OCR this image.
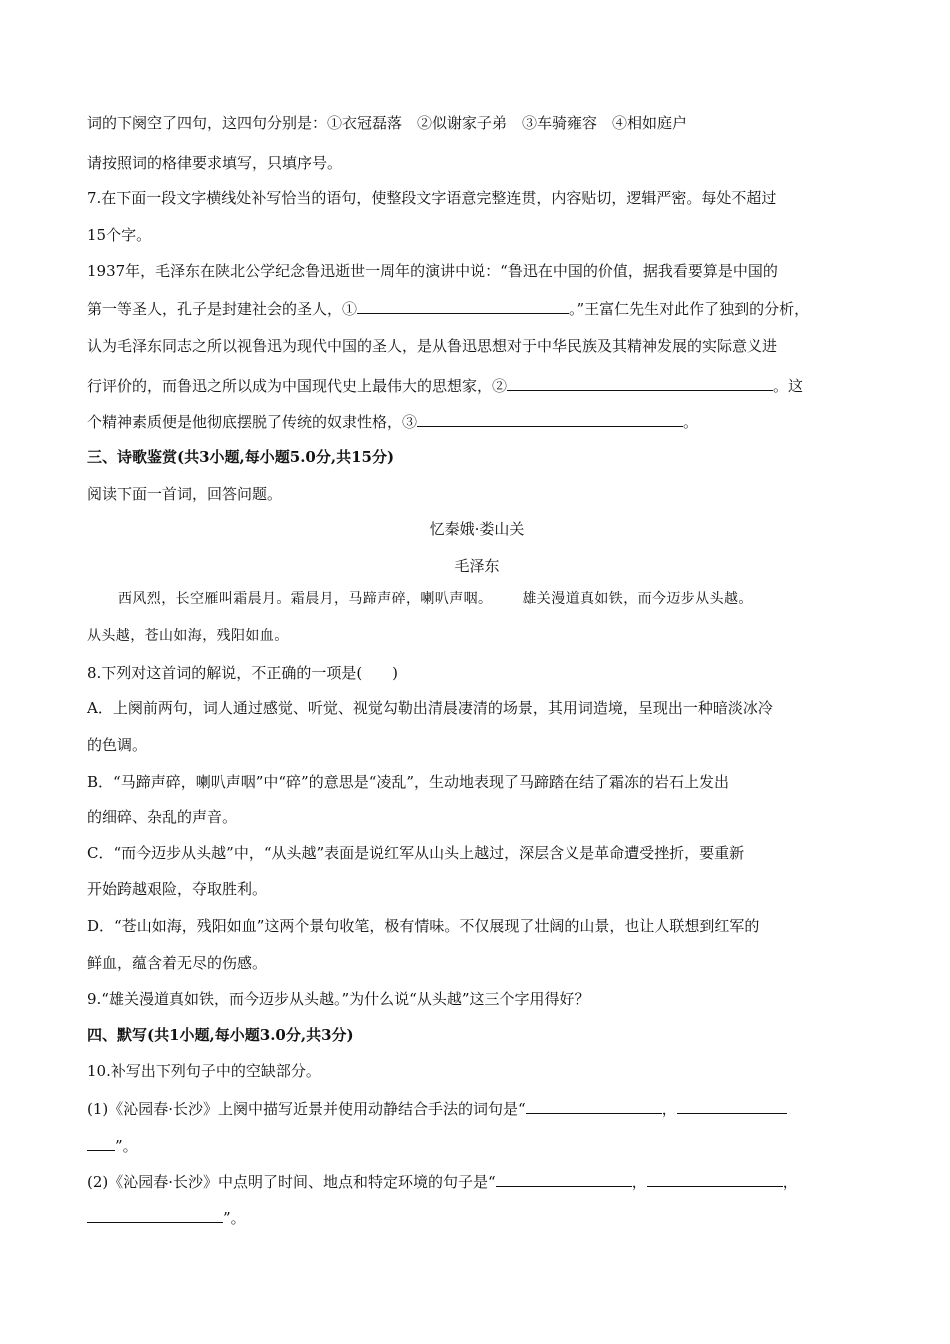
词的下阕空了四句，这四句分别是：①衣冠磊落　②似谢家子弟　③车骑雍容　④相如庭户
请按照词的格律要求填写，只填序号。
7.在下面一段文字横线处补写恰当的语句，使整段文字语意完整连贯，内容贴切，逻辑严密。每处不超过
15个字。
1937年，毛泽东在陕北公学纪念鲁迅逝世一周年的演讲中说：“鲁迅在中国的价值，据我看要算是中国的
第一等圣人，孔子是封建社会的圣人，①	。”王富仁先生对此作了独到的分析，
认为毛泽东同志之所以视鲁迅为现代中国的圣人，是从鲁迅思想对于中华民族及其精神发展的实际意义进
行评价的，而鲁迅之所以成为中国现代史上最伟大的思想家，②	。这
个精神素质便是他彻底摆脱了传统的奴隶性格，③	。
三、诗歌鉴赏(共3小题,每小题5.0分,共15分)
阅读下面一首词，回答问题。
忆秦娥·娄山关
毛泽东
西风烈，长空雁叫霜晨月。霜晨月，马蹄声碎，喇叭声咽。 雄关漫道真如铁，而今迈步从头越。
从头越，苍山如海，残阳如血。
8.下列对这首词的解说，不正确的一项是(　　)
A．上阕前两句，词人通过感觉、听觉、视觉勾勒出清晨凄清的场景，其用词造境，呈现出一种暗淡冰冷
的色调。
B．“马蹄声碎，喇叭声咽”中“碎”的意思是“凌乱”，生动地表现了马蹄踏在结了霜冻的岩石上发出
的细碎、杂乱的声音。
C．“而今迈步从头越”中，“从头越”表面是说红军从山头上越过，深层含义是革命遭受挫折，要重新
开始跨越艰险，夺取胜利。
D．“苍山如海，残阳如血”这两个景句收笔，极有情味。不仅展现了壮阔的山景，也让人联想到红军的
鲜血，蕴含着无尽的伤感。
9.“雄关漫道真如铁，而今迈步从头越。”为什么说“从头越”这三个字用得好？
四、默写(共1小题,每小题3.0分,共3分)
10.补写出下列句子中的空缺部分。
(1)《沁园春·长沙》上阕中描写近景并使用动静结合手法的词句是“	，
”。
(2)《沁园春·长沙》中点明了时间、地点和特定环境的句子是“	，	，
”。
